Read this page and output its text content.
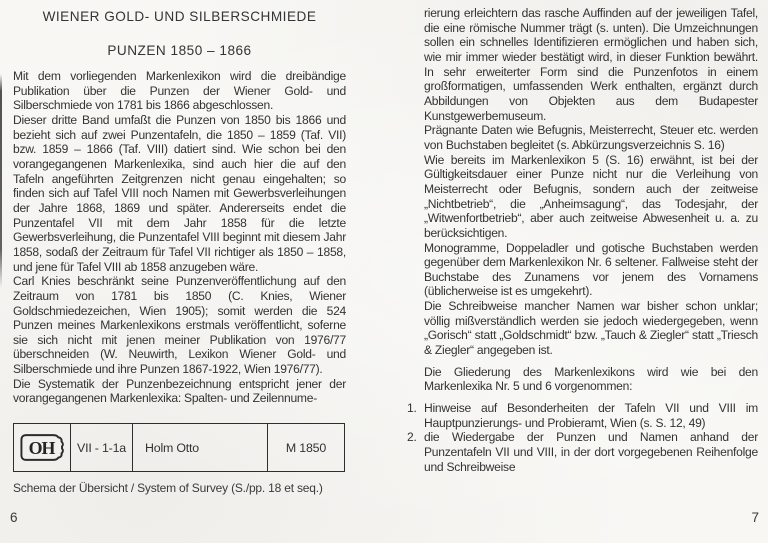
WIENER GOLD- UND SILBERSCHMIEDE
PUNZEN 1850 – 1866

Mit dem vorliegenden Markenlexikon wird die dreibändige Publikation über die Punzen der Wiener Gold- und Silberschmiede von 1781 bis 1866 abgeschlossen.

Dieser dritte Band umfaßt die Punzen von 1850 bis 1866 und bezieht sich auf zwei Punzentafeln, die 1850 – 1859 (Taf. VII) bzw. 1859 – 1866 (Taf. VIII) datiert sind. Wie schon bei den vorangegangenen Markenlexika, sind auch hier die auf den Tafeln angeführten Zeitgrenzen nicht genau eingehalten; so finden sich auf Tafel VIII noch Namen mit Gewerbsverleihungen der Jahre 1868, 1869 und später. Andererseits endet die Punzentafel VII mit dem Jahr 1858 für die letzte Gewerbsverleihung, die Punzentafel VIII beginnt mit diesem Jahr 1858, sodaß der Zeitraum für Tafel VII richtiger als 1850 – 1858, und jene für Tafel VIII ab 1858 anzugeben wäre.

Carl Knies beschränkt seine Punzenveröffentlichung auf den Zeitraum von 1781 bis 1850 (C. Knies, Wiener Goldschmiedezeichen, Wien 1905); somit werden die 524 Punzen meines Markenlexikons erstmals veröffentlicht, soferne sie sich nicht mit jenen meiner Publikation von 1976/77 überschneiden (W. Neuwirth, Lexikon Wiener Gold- und Silberschmiede und ihre Punzen 1867-1922, Wien 1976/77).

Die Systematik der Punzenbezeichnung entspricht jener der vorangegangenen Markenlexika: Spalten- und Zeilennume-

OH	VII - 1-1a	Holm Otto	M 1850
Schema der Übersicht / System of Survey (S./pp. 18 et seq.)

rierung erleichtern das rasche Auffinden auf der jeweiligen Tafel, die eine römische Nummer trägt (s. unten). Die Umzeichnungen sollen ein schnelles Identifizieren ermöglichen und haben sich, wie mir immer wieder bestätigt wird, in dieser Funktion bewährt. In sehr erweiterter Form sind die Punzenfotos in einem großformatigen, umfassenden Werk enthalten, ergänzt durch Abbildungen von Objekten aus dem Budapester Kunstgewerbemuseum.

Prägnante Daten wie Befugnis, Meisterrecht, Steuer etc. werden von Buchstaben begleitet (s. Abkürzungsverzeichnis S. 16)

Wie bereits im Markenlexikon 5 (S. 16) erwähnt, ist bei der Gültigkeitsdauer einer Punze nicht nur die Verleihung von Meisterrecht oder Befugnis, sondern auch der zeitweise „Nichtbetrieb“, die „Anheimsagung“, das Todesjahr, der „Witwenfortbetrieb“, aber auch zeitweise Abwesenheit u. a. zu berücksichtigen.

Monogramme, Doppeladler und gotische Buchstaben werden gegenüber dem Markenlexikon Nr. 6 seltener. Fallweise steht der Buchstabe des Zunamens vor jenem des Vornamens (üblicherweise ist es umgekehrt).

Die Schreibweise mancher Namen war bisher schon unklar; völlig mißverständlich werden sie jedoch wiedergegeben, wenn „Gorisch“ statt „Goldschmidt“ bzw. „Tauch & Ziegler“ statt „Triesch & Ziegler“ angegeben ist.

Die Gliederung des Markenlexikons wird wie bei den Markenlexika Nr. 5 und 6 vorgenommen:

1. Hinweise auf Besonderheiten der Tafeln VII und VIII im Hauptpunzierungs- und Probieramt, Wien (s. S. 12, 49)
2. die Wiedergabe der Punzen und Namen anhand der Punzentafeln VII und VIII, in der dort vorgegebenen Reihenfolge und Schreibweise
6	7
